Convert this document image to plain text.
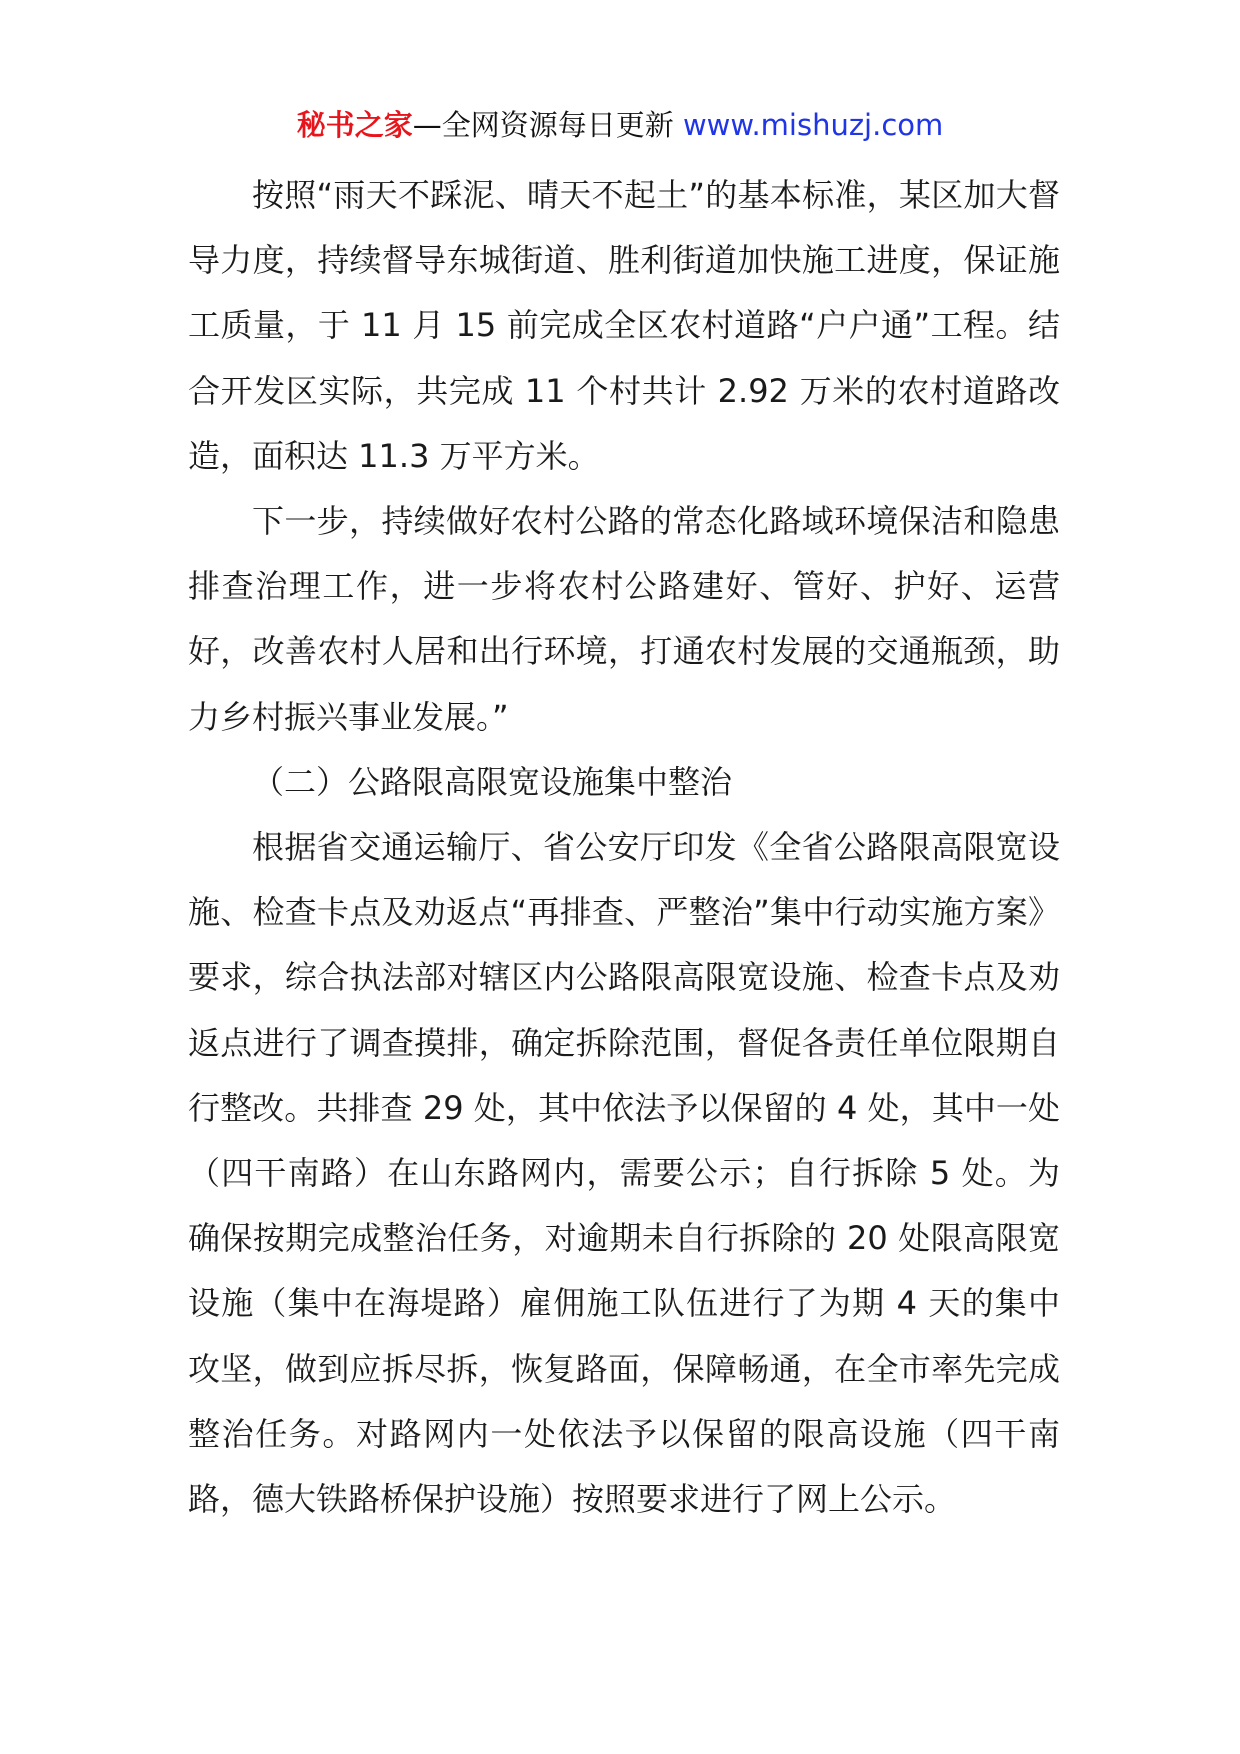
秘书之家—全网资源每日更新 www.mishuzj.com

按照“雨天不踩泥、晴天不起土”的基本标准，某区加大督导力度，持续督导东城街道、胜利街道加快施工进度，保证施工质量，于 11 月 15 前完成全区农村道路“户户通”工程。结合开发区实际，共完成 11 个村共计 2.92 万米的农村道路改造，面积达 11.3 万平方米。

下一步，持续做好农村公路的常态化路域环境保洁和隐患排查治理工作，进一步将农村公路建好、管好、护好、运营好，改善农村人居和出行环境，打通农村发展的交通瓶颈，助力乡村振兴事业发展。”

（二）公路限高限宽设施集中整治

根据省交通运输厅、省公安厅印发《全省公路限高限宽设施、检查卡点及劝返点“再排查、严整治”集中行动实施方案》要求，综合执法部对辖区内公路限高限宽设施、检查卡点及劝返点进行了调查摸排，确定拆除范围，督促各责任单位限期自行整改。共排查 29 处，其中依法予以保留的 4 处，其中一处（四干南路）在山东路网内，需要公示；自行拆除 5 处。为确保按期完成整治任务，对逾期未自行拆除的 20 处限高限宽设施（集中在海堤路）雇佣施工队伍进行了为期 4 天的集中攻坚，做到应拆尽拆，恢复路面，保障畅通，在全市率先完成整治任务。对路网内一处依法予以保留的限高设施（四干南路，德大铁路桥保护设施）按照要求进行了网上公示。
